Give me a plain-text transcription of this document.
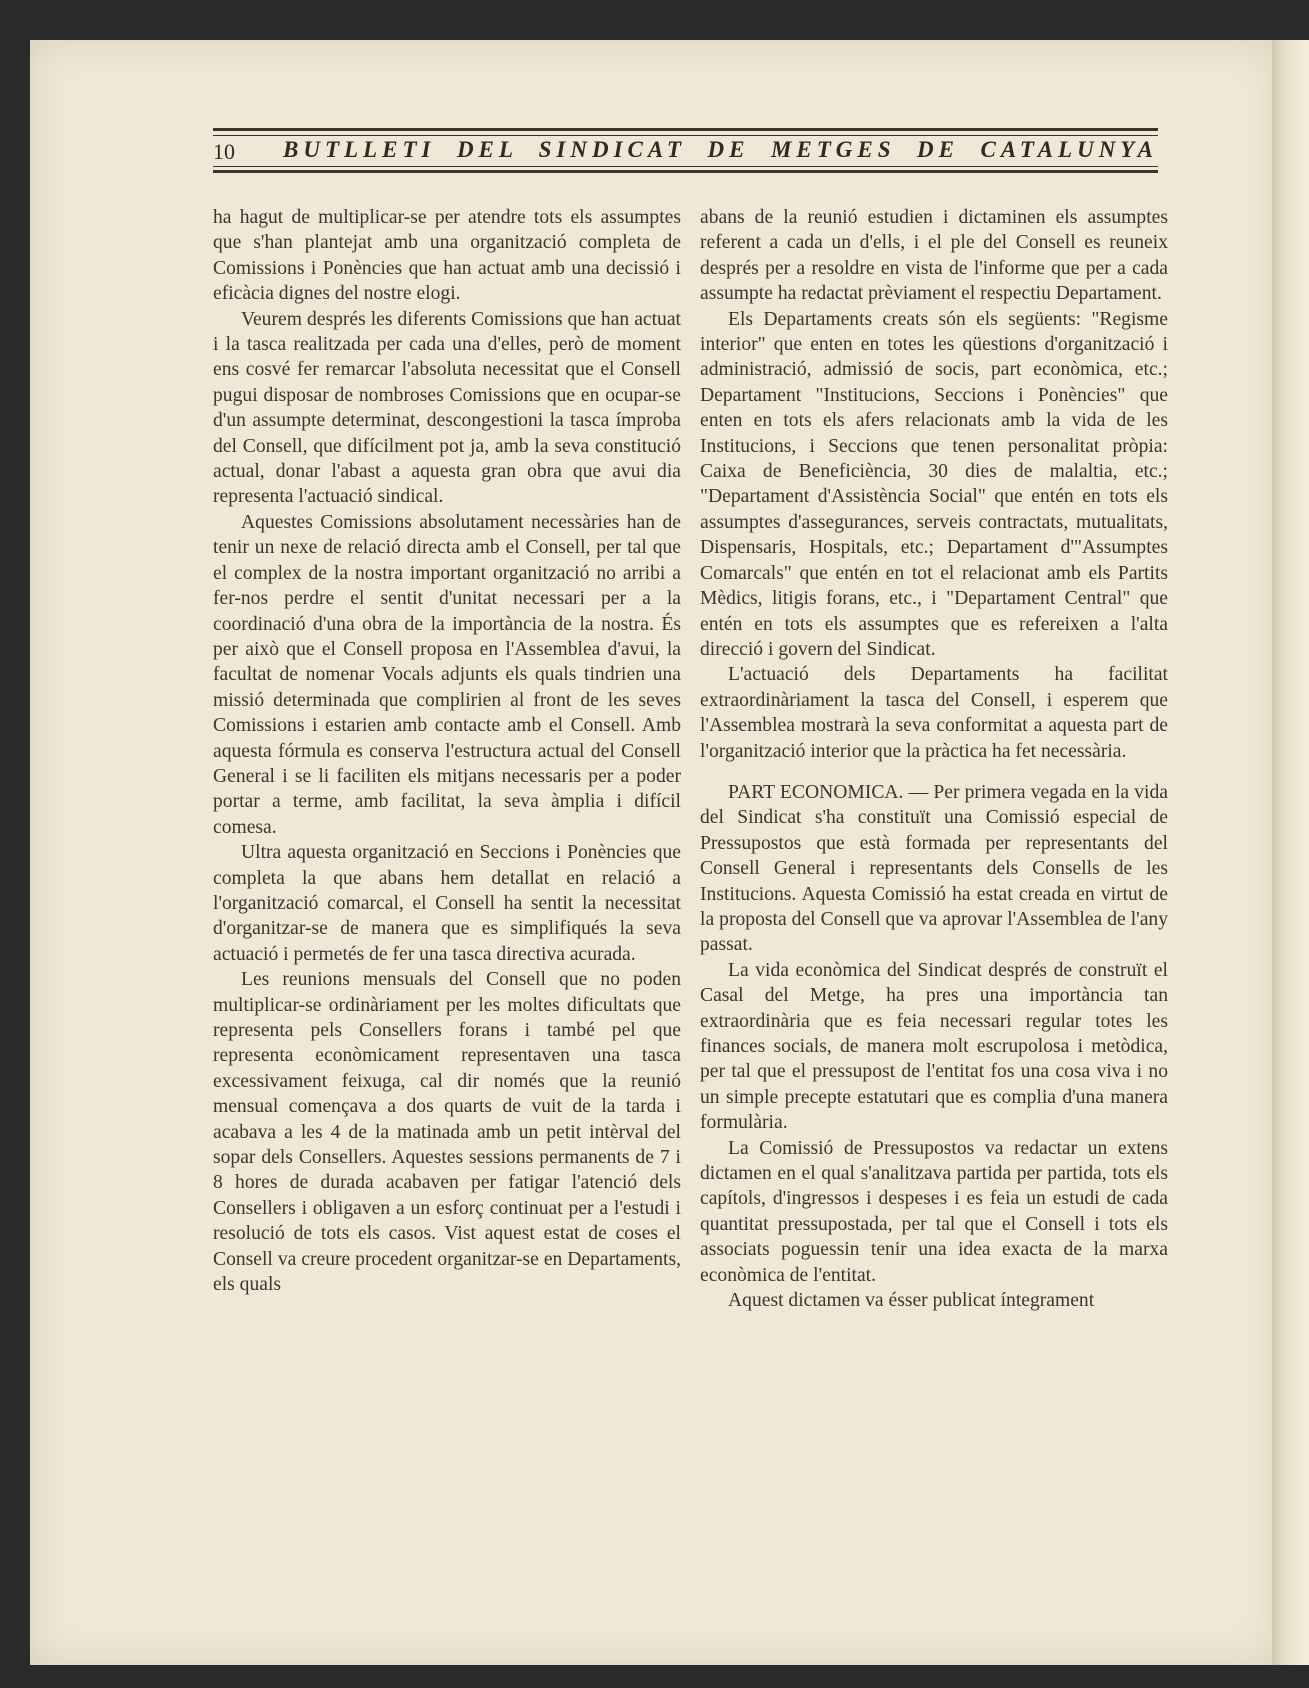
10 BUTLLETI DEL SINDICAT DE METGES DE CATALUNYA

ha hagut de multiplicar-se per atendre tots els assumptes que s'han plantejat amb una organització completa de Comissions i Ponències que han actuat amb una decissió i eficàcia dignes del nostre elogi.

Veurem després les diferents Comissions que han actuat i la tasca realitzada per cada una d'elles, però de moment ens cosvé fer remarcar l'absoluta necessitat que el Consell pugui disposar de nombroses Comissions que en ocupar-se d'un assumpte determinat, descongestioni la tasca ímproba del Consell, que difícilment pot ja, amb la seva constitució actual, donar l'abast a aquesta gran obra que avui dia representa l'actuació sindical.

Aquestes Comissions absolutament necessàries han de tenir un nexe de relació directa amb el Consell, per tal que el complex de la nostra important organització no arribi a fer-nos perdre el sentit d'unitat necessari per a la coordinació d'una obra de la importància de la nostra. És per això que el Consell proposa en l'Assemblea d'avui, la facultat de nomenar Vocals adjunts els quals tindrien una missió determinada que complirien al front de les seves Comissions i estarien amb contacte amb el Consell. Amb aquesta fórmula es conserva l'estructura actual del Consell General i se li faciliten els mitjans necessaris per a poder portar a terme, amb facilitat, la seva àmplia i difícil comesa.

Ultra aquesta organització en Seccions i Ponències que completa la que abans hem detallat en relació a l'organització comarcal, el Consell ha sentit la necessitat d'organitzar-se de manera que es simplifiqués la seva actuació i permetés de fer una tasca directiva acurada.

Les reunions mensuals del Consell que no poden multiplicar-se ordinàriament per les moltes dificultats que representa pels Consellers forans i també pel que representa econòmicament representaven una tasca excessivament feixuga, cal dir només que la reunió mensual començava a dos quarts de vuit de la tarda i acabava a les 4 de la matinada amb un petit intèrval del sopar dels Consellers. Aquestes sessions permanents de 7 i 8 hores de durada acabaven per fatigar l'atenció dels Consellers i obligaven a un esforç continuat per a l'estudi i resolució de tots els casos. Vist aquest estat de coses el Consell va creure procedent organitzar-se en Departaments, els quals

abans de la reunió estudien i dictaminen els assumptes referent a cada un d'ells, i el ple del Consell es reuneix després per a resoldre en vista de l'informe que per a cada assumpte ha redactat prèviament el respectiu Departament.

Els Departaments creats són els següents: "Regisme interior" que enten en totes les qüestions d'organització i administració, admissió de socis, part econòmica, etc.; Departament "Institucions, Seccions i Ponències" que enten en tots els afers relacionats amb la vida de les Institucions, i Seccions que tenen personalitat pròpia: Caixa de Beneficiència, 30 dies de malaltia, etc.; "Departament d'Assistència Social" que entén en tots els assumptes d'assegurances, serveis contractats, mutualitats, Dispensaris, Hospitals, etc.; Departament d'"Assumptes Comarcals" que entén en tot el relacionat amb els Partits Mèdics, litigis forans, etc., i "Departament Central" que entén en tots els assumptes que es refereixen a l'alta direcció i govern del Sindicat.

L'actuació dels Departaments ha facilitat extraordinàriament la tasca del Consell, i esperem que l'Assemblea mostrarà la seva conformitat a aquesta part de l'organització interior que la pràctica ha fet necessària.

PART ECONOMICA. — Per primera vegada en la vida del Sindicat s'ha constituït una Comissió especial de Pressupostos que està formada per representants del Consell General i representants dels Consells de les Institucions. Aquesta Comissió ha estat creada en virtut de la proposta del Consell que va aprovar l'Assemblea de l'any passat.

La vida econòmica del Sindicat després de construït el Casal del Metge, ha pres una importància tan extraordinària que es feia necessari regular totes les finances socials, de manera molt escrupolosa i metòdica, per tal que el pressupost de l'entitat fos una cosa viva i no un simple precepte estatutari que es complia d'una manera formulària.

La Comissió de Pressupostos va redactar un extens dictamen en el qual s'analitzava partida per partida, tots els capítols, d'ingressos i despeses i es feia un estudi de cada quantitat pressupostada, per tal que el Consell i tots els associats poguessin tenir una idea exacta de la marxa econòmica de l'entitat.

Aquest dictamen va ésser publicat íntegrament
